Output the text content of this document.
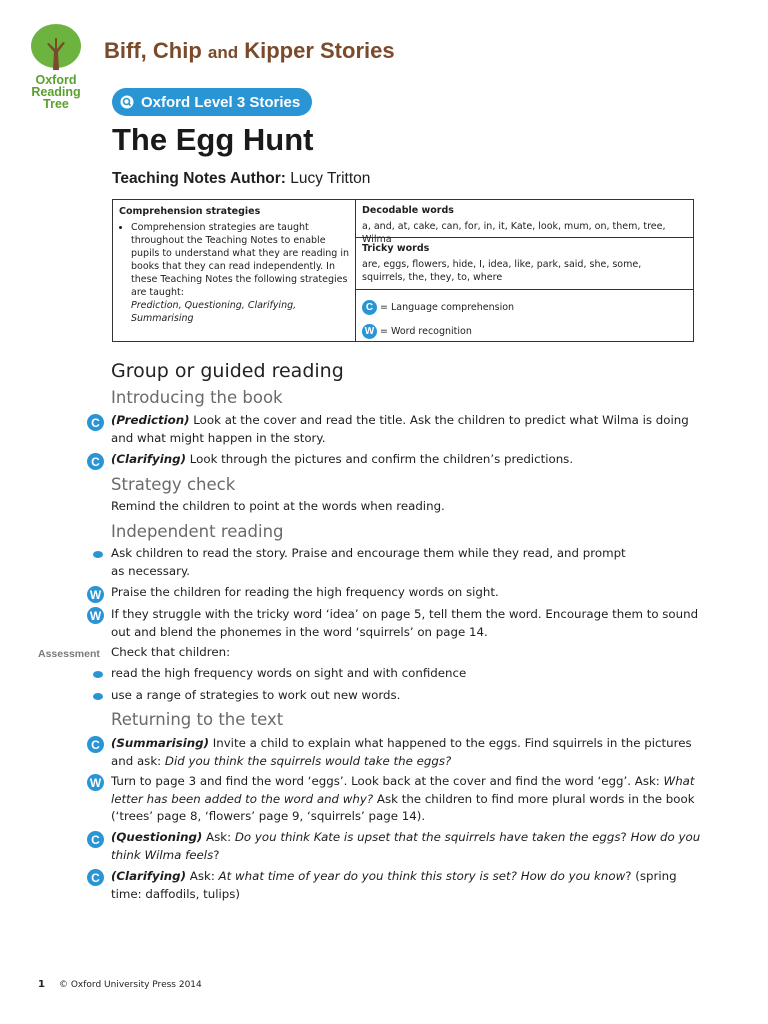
Oxford
Reading
Tree
Biff, Chip and Kipper Stories
Oxford Level 3 Stories
The Egg Hunt
Teaching Notes Author: Lucy Tritton
Comprehension strategies
• Comprehension strategies are taught throughout the Teaching Notes to enable pupils to understand what they are reading in books that they can read independently. In these Teaching Notes the following strategies are taught:
Prediction, Questioning, Clarifying, Summarising
Decodable words
a, and, at, cake, can, for, in, it, Kate, look, mum, on, them, tree, Wilma
Tricky words
are, eggs, flowers, hide, I, idea, like, park, said, she, some, squirrels, the, they, to, where
C = Language comprehension
W = Word recognition
Group or guided reading
Introducing the book
C (Prediction) Look at the cover and read the title. Ask the children to predict what Wilma is doing and what might happen in the story.
C (Clarifying) Look through the pictures and confirm the children’s predictions.
Strategy check
Remind the children to point at the words when reading.
Independent reading
Ask children to read the story. Praise and encourage them while they read, and prompt as necessary.
W Praise the children for reading the high frequency words on sight.
W If they struggle with the tricky word ‘idea’ on page 5, tell them the word. Encourage them to sound out and blend the phonemes in the word ‘squirrels’ on page 14.
Assessment Check that children:
read the high frequency words on sight and with confidence
use a range of strategies to work out new words.
Returning to the text
C (Summarising) Invite a child to explain what happened to the eggs. Find squirrels in the pictures and ask: Did you think the squirrels would take the eggs?
W Turn to page 3 and find the word ‘eggs’. Look back at the cover and find the word ‘egg’. Ask: What letter has been added to the word and why? Ask the children to find more plural words in the book (‘trees’ page 8, ‘flowers’ page 9, ‘squirrels’ page 14).
C (Questioning) Ask: Do you think Kate is upset that the squirrels have taken the eggs? How do you think Wilma feels?
C (Clarifying) Ask: At what time of year do you think this story is set? How do you know? (spring time: daffodils, tulips)
1 © Oxford University Press 2014
